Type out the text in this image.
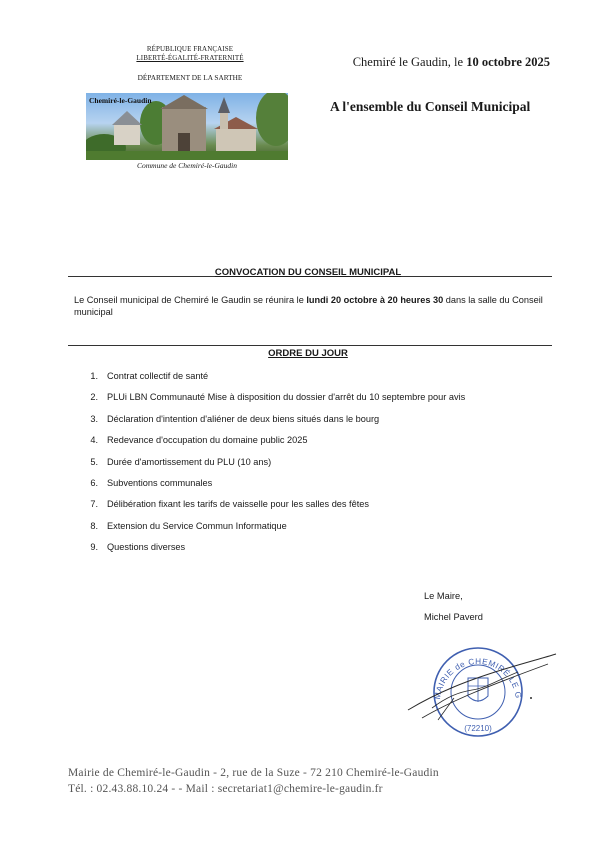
RÉPUBLIQUE FRANÇAISE
LIBERTÉ-ÉGALITÉ-FRATERNITÉ
DÉPARTEMENT DE LA SARTHE
Chemiré-le-Gaudin
Commune de Chemiré-le-Gaudin
Chemiré le Gaudin, le 10 octobre 2025
A l'ensemble du Conseil Municipal
CONVOCATION DU CONSEIL MUNICIPAL
Le Conseil municipal de Chemiré le Gaudin se réunira le lundi 20 octobre à 20 heures 30 dans la salle du Conseil municipal
ORDRE DU JOUR
1. Contrat collectif de santé
2. PLUi LBN Communauté Mise à disposition du dossier d'arrêt du 10 septembre pour avis
3. Déclaration d'intention d'aliéner de deux biens situés dans le bourg
4. Redevance d'occupation du domaine public 2025
5. Durée d'amortissement du PLU (10 ans)
6. Subventions communales
7. Délibération fixant les tarifs de vaisselle pour les salles des fêtes
8. Extension du Service Commun Informatique
9. Questions diverses
Le Maire,
Michel Paverd
MAIRIE de CHEMIRÉ LE G
(72210)
Mairie de Chemiré-le-Gaudin - 2, rue de la Suze - 72 210 Chemiré-le-Gaudin
Tél. : 02.43.88.10.24 - - Mail : secretariat1@chemire-le-gaudin.fr
